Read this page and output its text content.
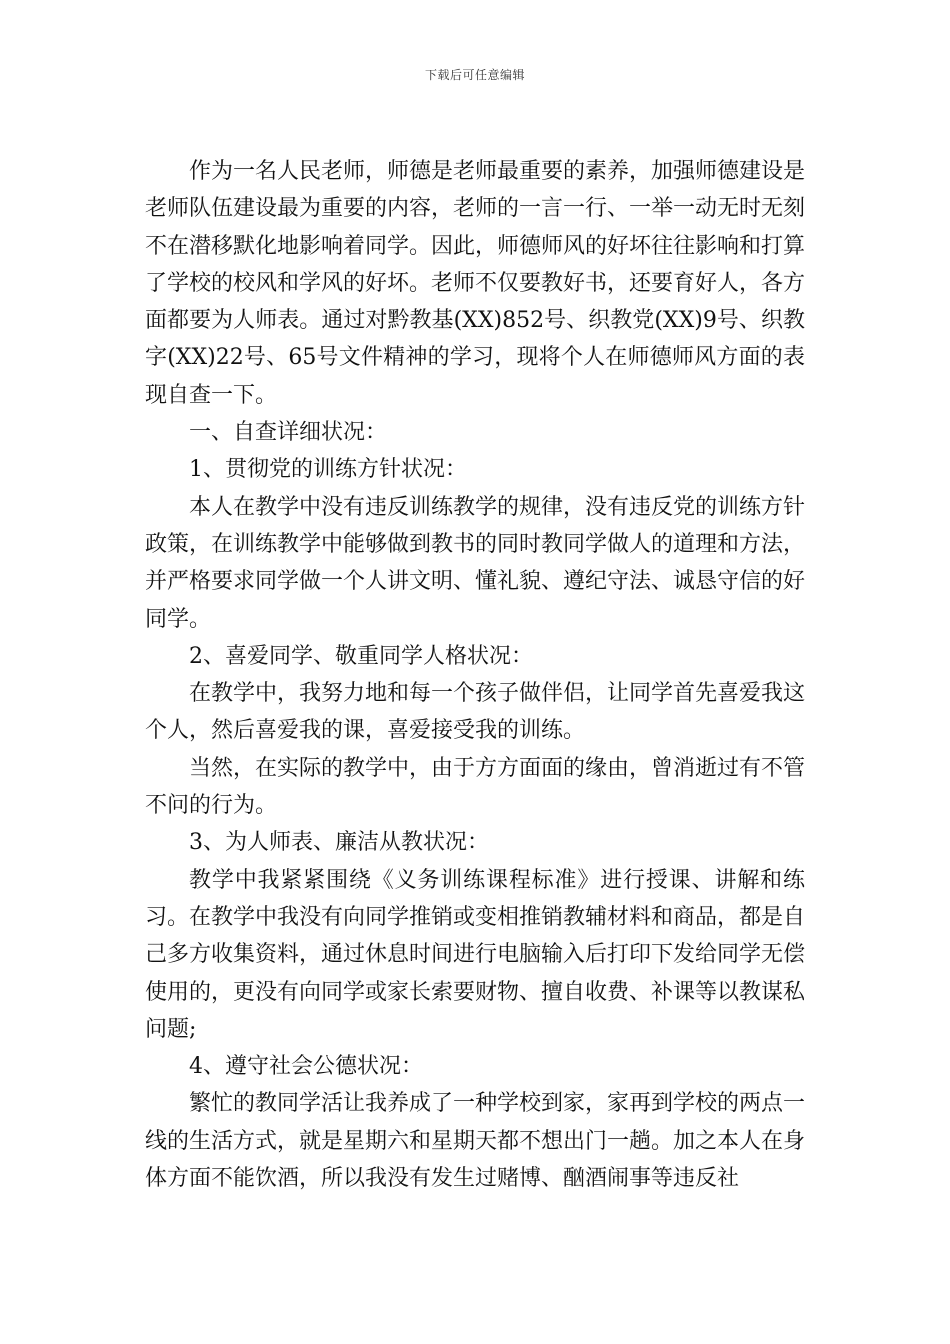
下载后可任意编辑

作为一名人民老师，师德是老师最重要的素养，加强师德建设是老师队伍建设最为重要的内容，老师的一言一行、一举一动无时无刻不在潜移默化地影响着同学。因此，师德师风的好坏往往影响和打算了学校的校风和学风的好坏。老师不仅要教好书，还要育好人，各方面都要为人师表。通过对黔教基(XX)852号、织教党(XX)9号、织教字(XX)22号、65号文件精神的学习，现将个人在师德师风方面的表现自查一下。

一、自查详细状况：

1、贯彻党的训练方针状况：

本人在教学中没有违反训练教学的规律，没有违反党的训练方针政策，在训练教学中能够做到教书的同时教同学做人的道理和方法，并严格要求同学做一个人讲文明、懂礼貌、遵纪守法、诚恳守信的好同学。

2、喜爱同学、敬重同学人格状况：

在教学中，我努力地和每一个孩子做伴侣，让同学首先喜爱我这个人，然后喜爱我的课，喜爱接受我的训练。

当然，在实际的教学中，由于方方面面的缘由，曾消逝过有不管不问的行为。

3、为人师表、廉洁从教状况：

教学中我紧紧围绕《义务训练课程标准》进行授课、讲解和练习。在教学中我没有向同学推销或变相推销教辅材料和商品，都是自己多方收集资料，通过休息时间进行电脑输入后打印下发给同学无偿使用的，更没有向同学或家长索要财物、擅自收费、补课等以教谋私问题;

4、遵守社会公德状况：

繁忙的教同学活让我养成了一种学校到家，家再到学校的两点一线的生活方式，就是星期六和星期天都不想出门一趟。加之本人在身体方面不能饮酒，所以我没有发生过赌博、酗酒闹事等违反社
